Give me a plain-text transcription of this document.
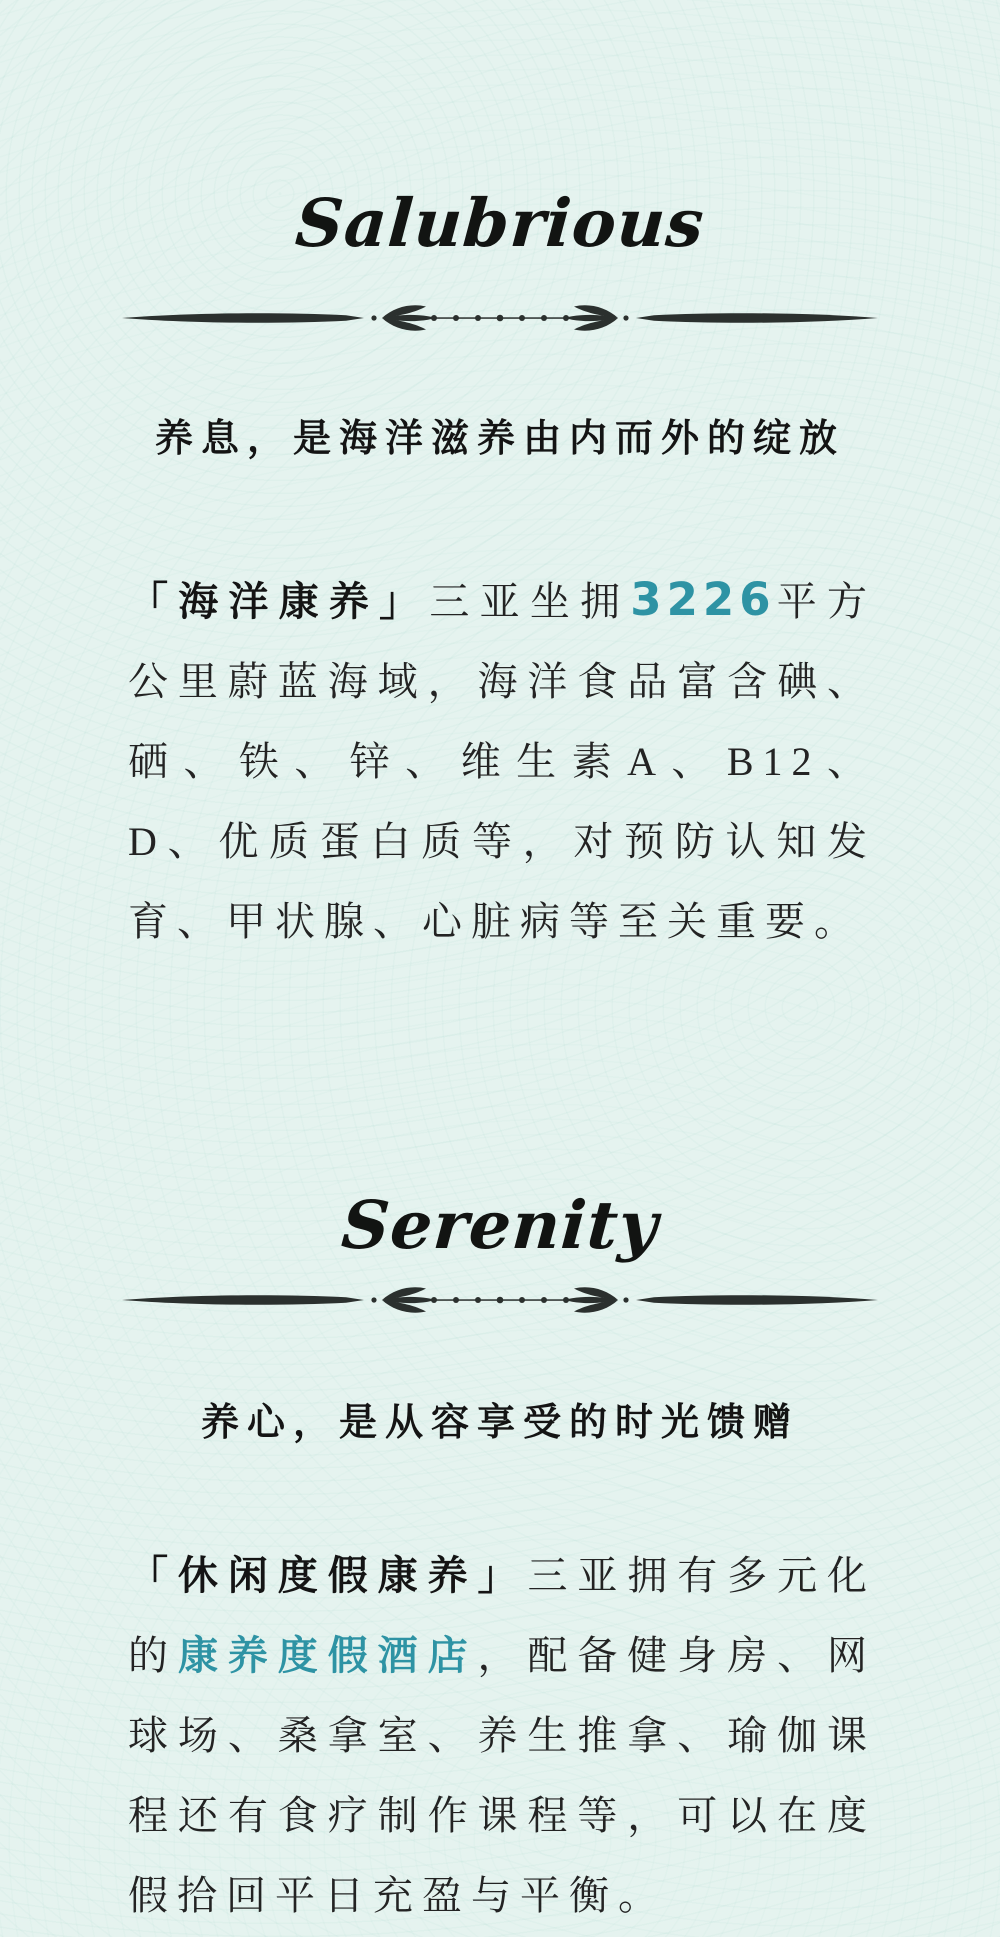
Salubrious
养息，是海洋滋养由内而外的绽放
「海洋康养」三亚坐拥3226平方公里蔚蓝海域，海洋食品富含碘、硒、铁、锌、维生素A、B12、D、优质蛋白质等，对预防认知发育、甲状腺、心脏病等至关重要。
Serenity
养心，是从容享受的时光馈赠
「休闲度假康养」三亚拥有多元化的康养度假酒店，配备健身房、网球场、桑拿室、养生推拿、瑜伽课程还有食疗制作课程等，可以在度假拾回平日充盈与平衡。
